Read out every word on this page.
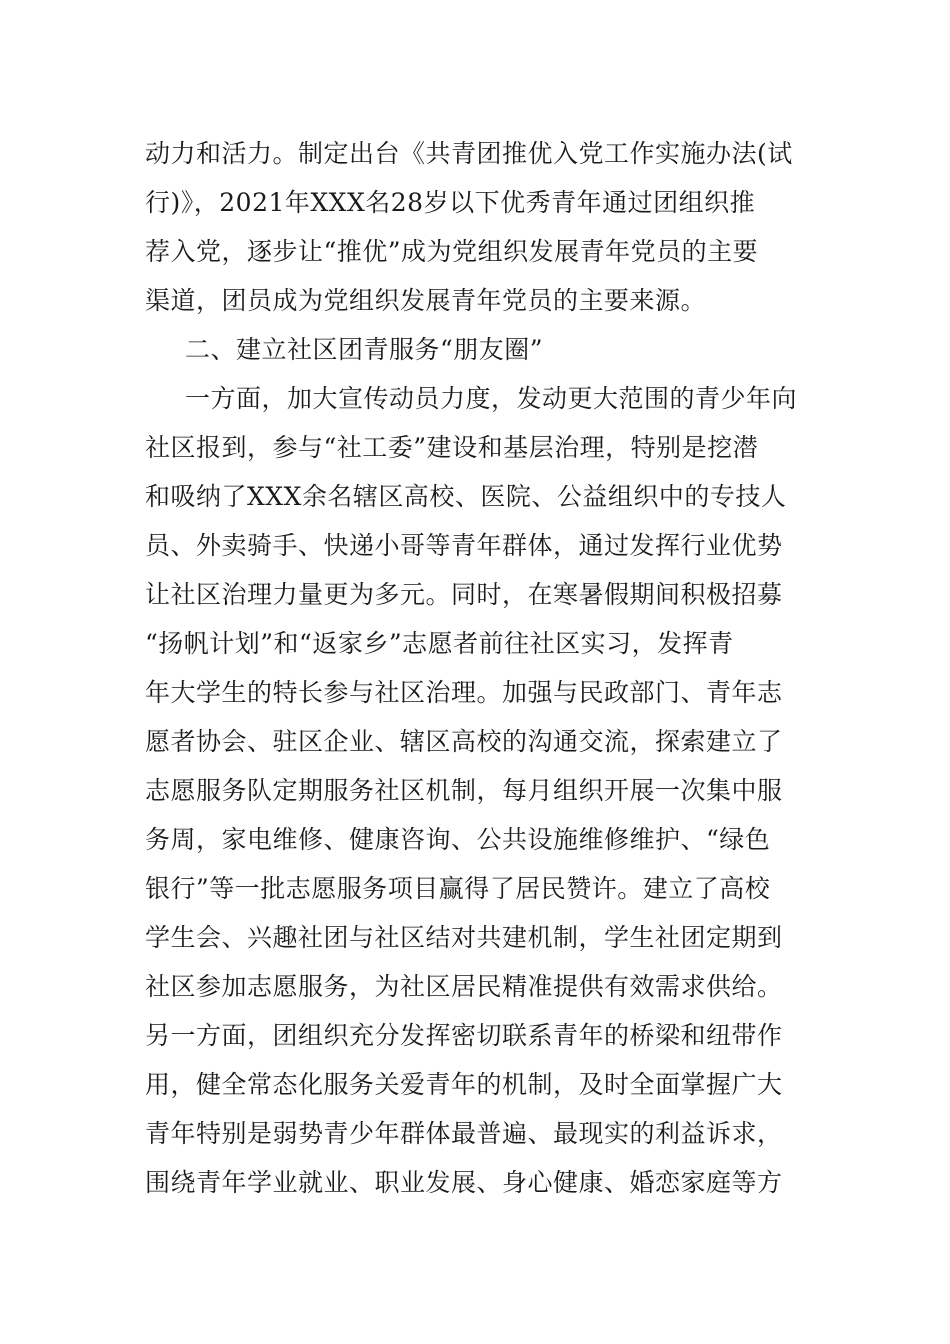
动力和活力。制定出台《共青团推优入党工作实施办法(试
行)》，2021年XXX名28岁以下优秀青年通过团组织推
荐入党，逐步让“推优”成为党组织发展青年党员的主要
渠道，团员成为党组织发展青年党员的主要来源。
二、建立社区团青服务“朋友圈”
一方面，加大宣传动员力度，发动更大范围的青少年向
社区报到，参与“社工委”建设和基层治理，特别是挖潜
和吸纳了XXX余名辖区高校、医院、公益组织中的专技人
员、外卖骑手、快递小哥等青年群体，通过发挥行业优势
让社区治理力量更为多元。同时，在寒暑假期间积极招募
“扬帆计划”和“返家乡”志愿者前往社区实习，发挥青
年大学生的特长参与社区治理。加强与民政部门、青年志
愿者协会、驻区企业、辖区高校的沟通交流，探索建立了
志愿服务队定期服务社区机制，每月组织开展一次集中服
务周，家电维修、健康咨询、公共设施维修维护、“绿色
银行”等一批志愿服务项目赢得了居民赞许。建立了高校
学生会、兴趣社团与社区结对共建机制，学生社团定期到
社区参加志愿服务，为社区居民精准提供有效需求供给。
另一方面，团组织充分发挥密切联系青年的桥梁和纽带作
用，健全常态化服务关爱青年的机制，及时全面掌握广大
青年特别是弱势青少年群体最普遍、最现实的利益诉求，
围绕青年学业就业、职业发展、身心健康、婚恋家庭等方
